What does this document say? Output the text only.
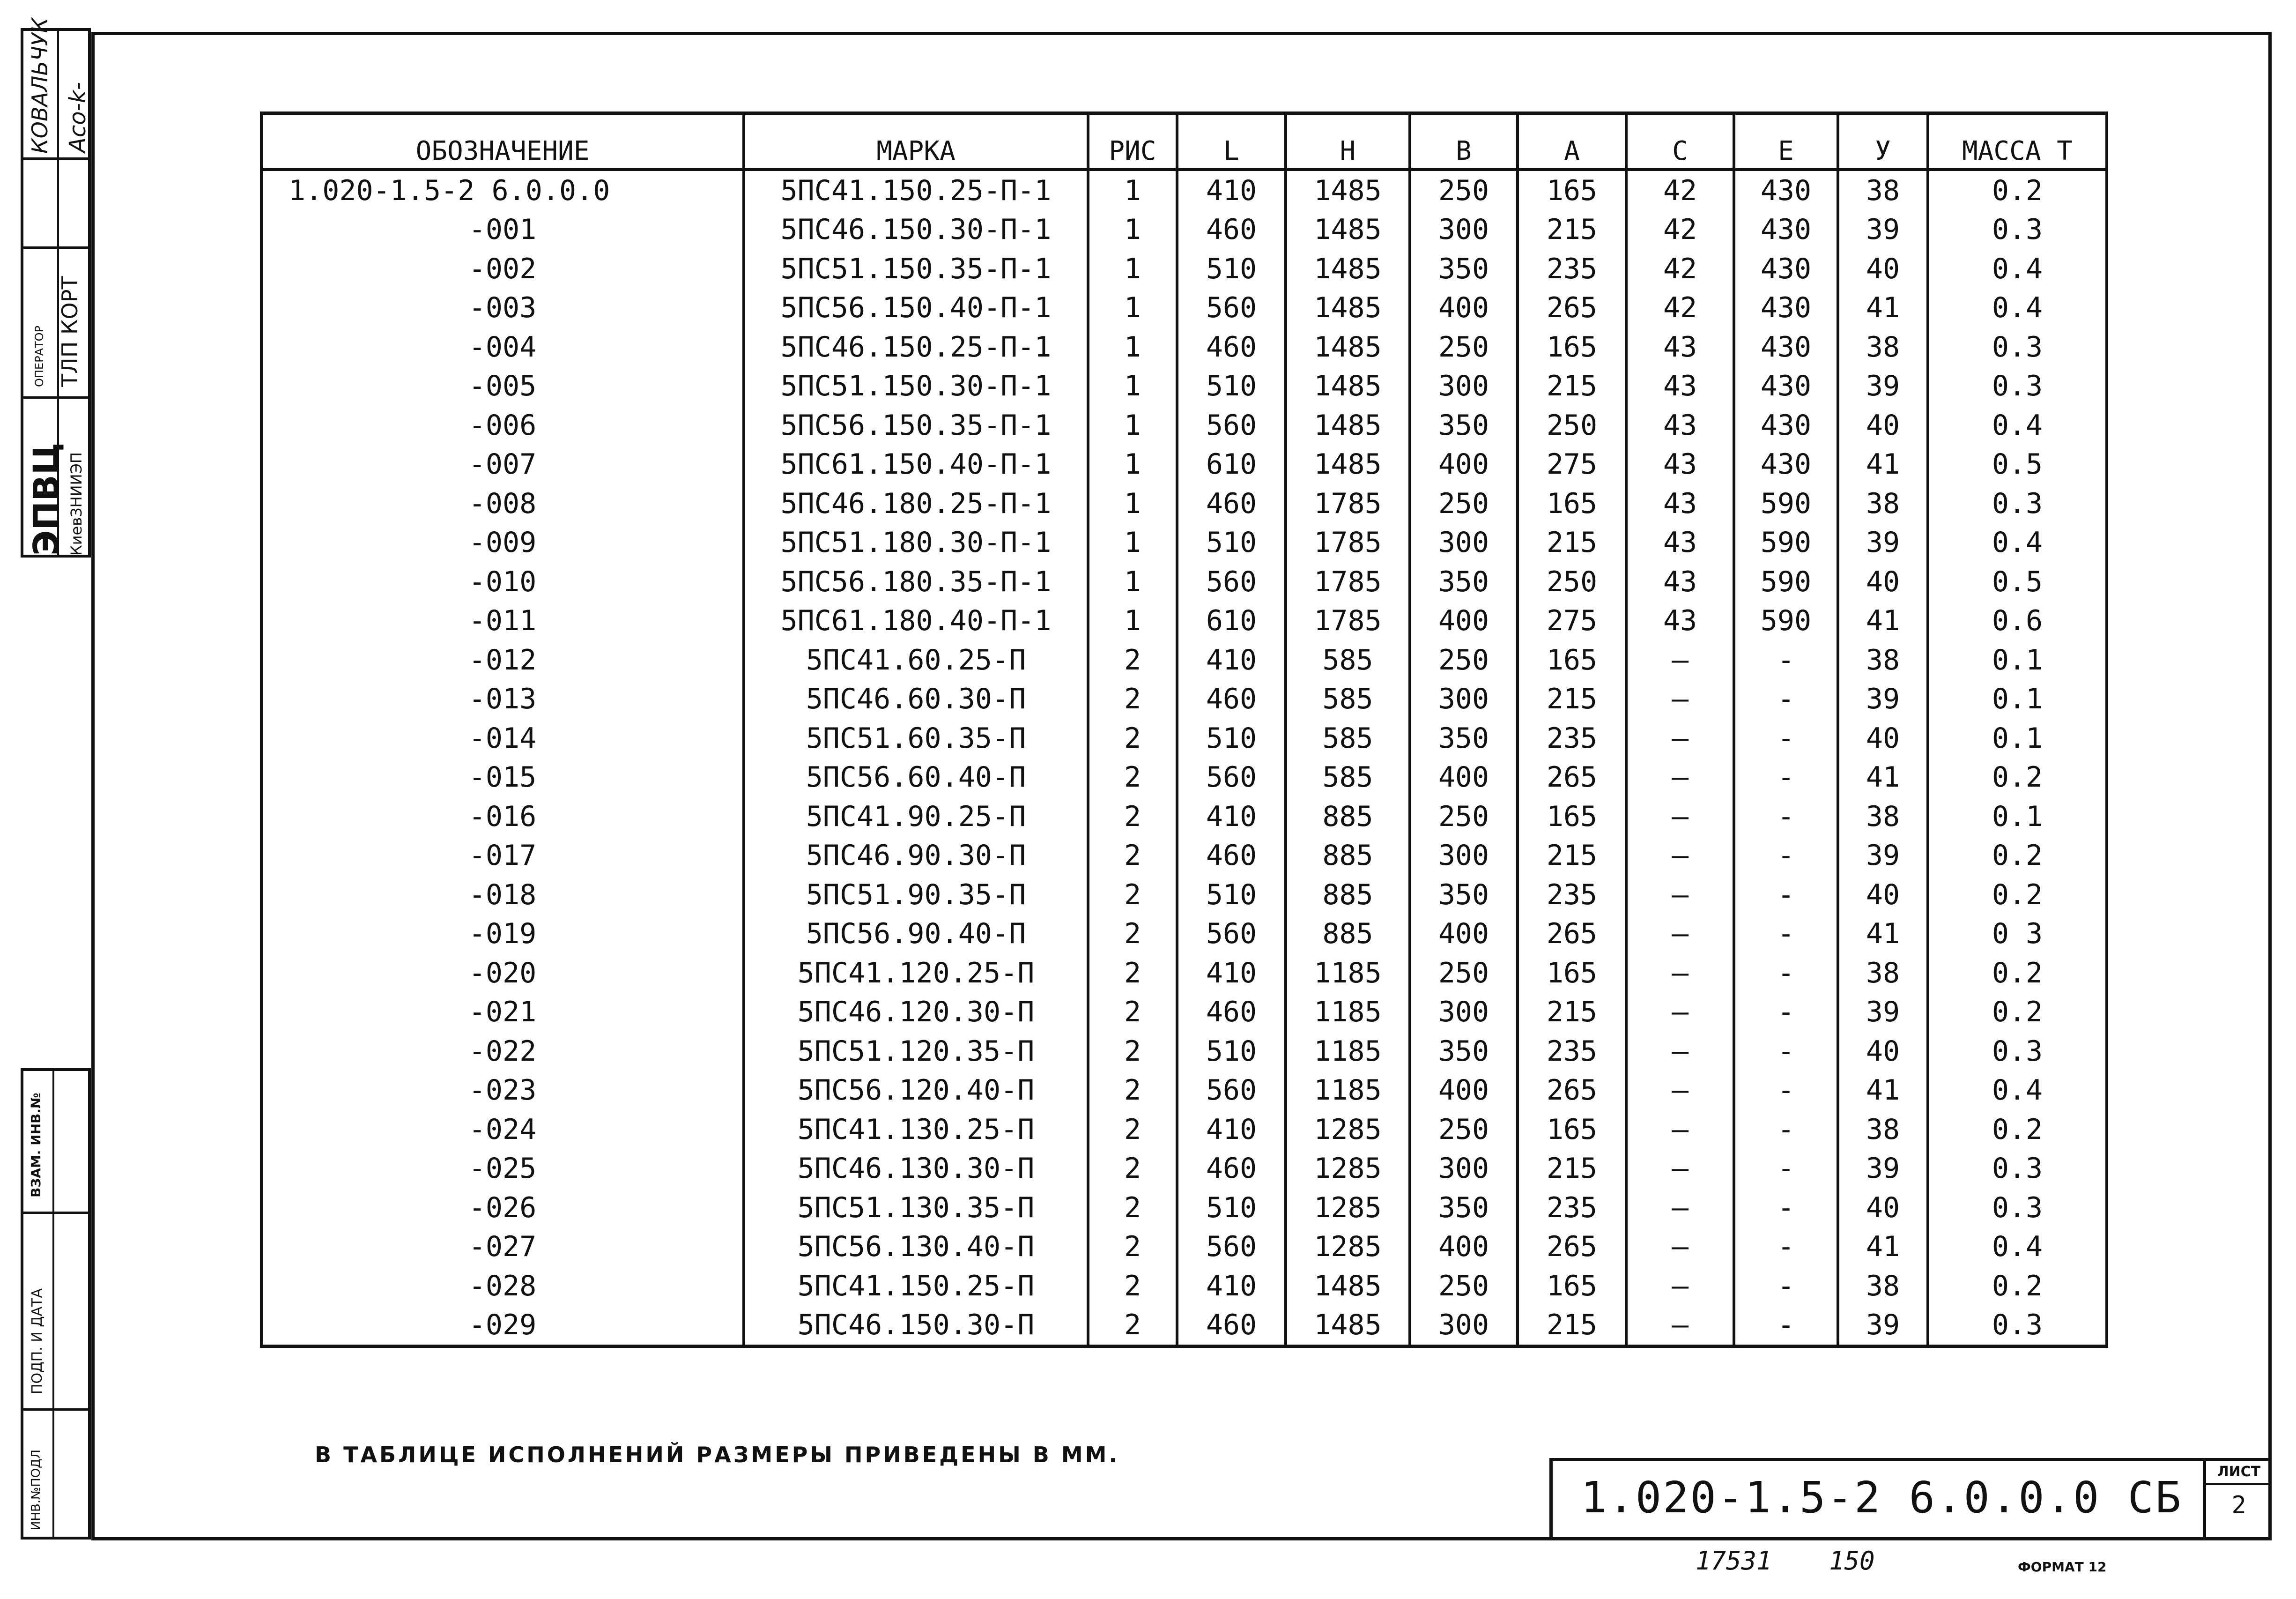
Aco-k-
КОВАЛЬЧУК
ОПЕРАТОР ТЛП КОРТ
ЭПВЦ КиевЗНИИЭП
ВЗАМ. ИНВ.№
ПОДП. И ДАТА
ИНВ.№ПОДЛ
ОБОЗНАЧЕНИЕ	МАРКА	РИС	L	H	B	A	C	E	У	МАССА Т
1.020-1.5-2 6.0.0.0	5ПС41.150.25-П-1	1	410	1485	250	165	42	430	38	0.2
-001	5ПС46.150.30-П-1	1	460	1485	300	215	42	430	39	0.3
-002	5ПС51.150.35-П-1	1	510	1485	350	235	42	430	40	0.4
-003	5ПС56.150.40-П-1	1	560	1485	400	265	42	430	41	0.4
-004	5ПС46.150.25-П-1	1	460	1485	250	165	43	430	38	0.3
-005	5ПС51.150.30-П-1	1	510	1485	300	215	43	430	39	0.3
-006	5ПС56.150.35-П-1	1	560	1485	350	250	43	430	40	0.4
-007	5ПС61.150.40-П-1	1	610	1485	400	275	43	430	41	0.5
-008	5ПС46.180.25-П-1	1	460	1785	250	165	43	590	38	0.3
-009	5ПС51.180.30-П-1	1	510	1785	300	215	43	590	39	0.4
-010	5ПС56.180.35-П-1	1	560	1785	350	250	43	590	40	0.5
-011	5ПС61.180.40-П-1	1	610	1785	400	275	43	590	41	0.6
-012	5ПС41.60.25-П	2	410	585	250	165	–	-	38	0.1
-013	5ПС46.60.30-П	2	460	585	300	215	–	-	39	0.1
-014	5ПС51.60.35-П	2	510	585	350	235	–	-	40	0.1
-015	5ПС56.60.40-П	2	560	585	400	265	–	-	41	0.2
-016	5ПС41.90.25-П	2	410	885	250	165	–	-	38	0.1
-017	5ПС46.90.30-П	2	460	885	300	215	–	-	39	0.2
-018	5ПС51.90.35-П	2	510	885	350	235	–	-	40	0.2
-019	5ПС56.90.40-П	2	560	885	400	265	–	-	41	0 3
-020	5ПС41.120.25-П	2	410	1185	250	165	–	-	38	0.2
-021	5ПС46.120.30-П	2	460	1185	300	215	–	-	39	0.2
-022	5ПС51.120.35-П	2	510	1185	350	235	–	-	40	0.3
-023	5ПС56.120.40-П	2	560	1185	400	265	–	-	41	0.4
-024	5ПС41.130.25-П	2	410	1285	250	165	–	-	38	0.2
-025	5ПС46.130.30-П	2	460	1285	300	215	–	-	39	0.3
-026	5ПС51.130.35-П	2	510	1285	350	235	–	-	40	0.3
-027	5ПС56.130.40-П	2	560	1285	400	265	–	-	41	0.4
-028	5ПС41.150.25-П	2	410	1485	250	165	–	-	38	0.2
-029	5ПС46.150.30-П	2	460	1485	300	215	–	-	39	0.3
В ТАБЛИЦЕ ИСПОЛНЕНИЙ РАЗМЕРЫ ПРИВЕДЕНЫ В ММ.
1.020-1.5-2 6.0.0.0 СБ
ЛИСТ
2
17531 150	ФОРМАТ 12
